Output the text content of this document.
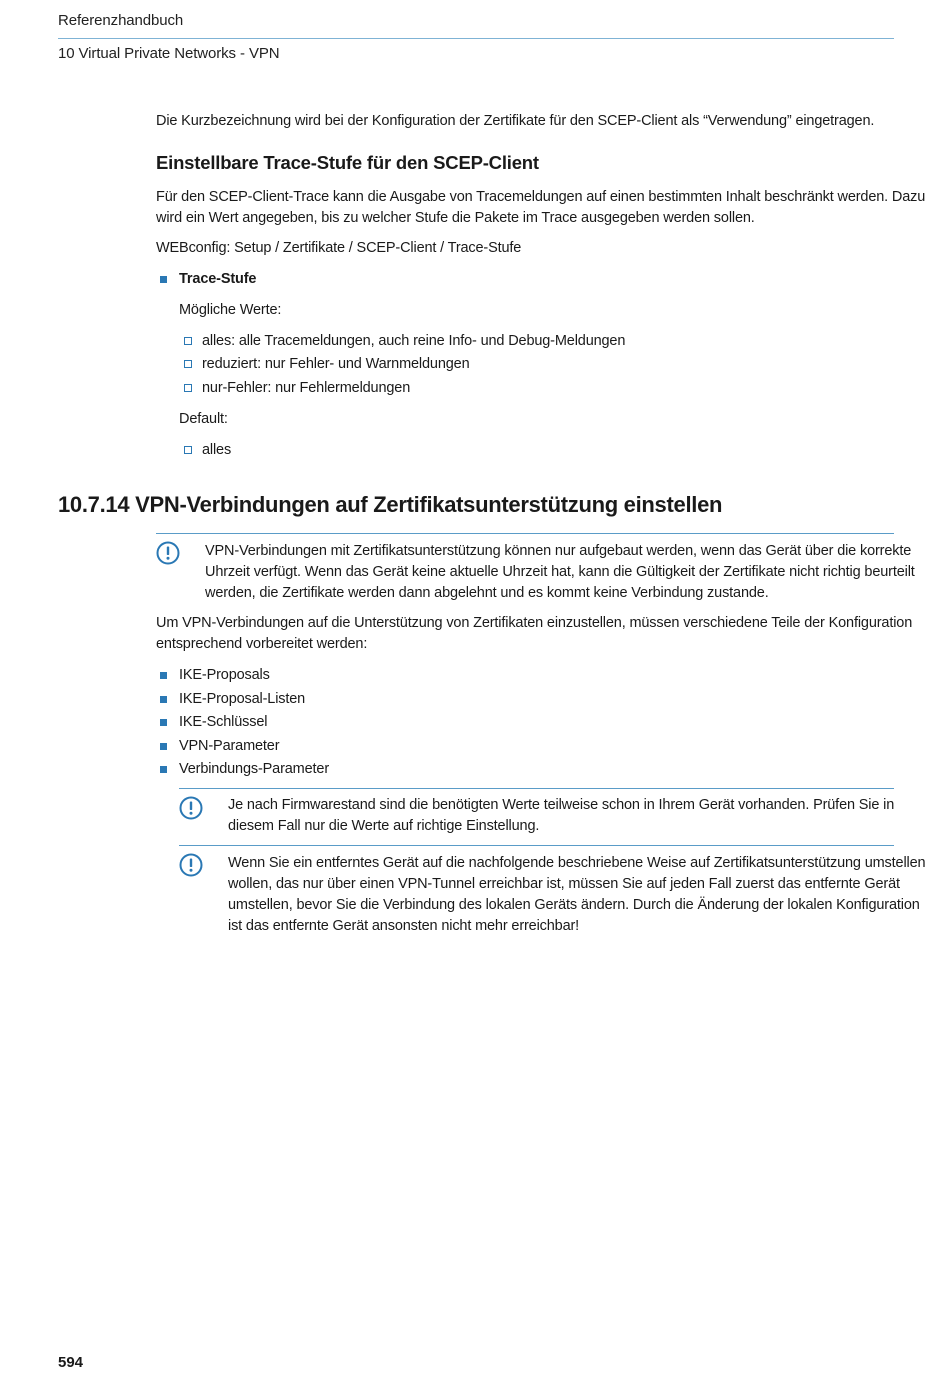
Referenzhandbuch
10 Virtual Private Networks - VPN
Die Kurzbezeichnung wird bei der Konfiguration der Zertifikate für den SCEP-Client als “Verwendung” eingetragen.
Einstellbare Trace-Stufe für den SCEP-Client
Für den SCEP-Client-Trace kann die Ausgabe von Tracemeldungen auf einen bestimmten Inhalt beschränkt werden. Dazu
wird ein Wert angegeben, bis zu welcher Stufe die Pakete im Trace ausgegeben werden sollen.
WEBconfig: Setup / Zertifikate / SCEP-Client / Trace-Stufe
Trace-Stufe
Mögliche Werte:
alles: alle Tracemeldungen, auch reine Info- und Debug-Meldungen
reduziert: nur Fehler- und Warnmeldungen
nur-Fehler: nur Fehlermeldungen
Default:
alles
10.7.14 VPN-Verbindungen auf Zertifikatsunterstützung einstellen
VPN-Verbindungen mit Zertifikatsunterstützung können nur aufgebaut werden, wenn das Gerät über die korrekte
Uhrzeit verfügt. Wenn das Gerät keine aktuelle Uhrzeit hat, kann die Gültigkeit der Zertifikate nicht richtig beurteilt
werden, die Zertifikate werden dann abgelehnt und es kommt keine Verbindung zustande.
Um VPN-Verbindungen auf die Unterstützung von Zertifikaten einzustellen, müssen verschiedene Teile der Konfiguration
entsprechend vorbereitet werden:
IKE-Proposals
IKE-Proposal-Listen
IKE-Schlüssel
VPN-Parameter
Verbindungs-Parameter
Je nach Firmwarestand sind die benötigten Werte teilweise schon in Ihrem Gerät vorhanden. Prüfen Sie in
diesem Fall nur die Werte auf richtige Einstellung.
Wenn Sie ein entferntes Gerät auf die nachfolgende beschriebene Weise auf Zertifikatsunterstützung umstellen
wollen, das nur über einen VPN-Tunnel erreichbar ist, müssen Sie auf jeden Fall zuerst das entfernte Gerät
umstellen, bevor Sie die Verbindung des lokalen Geräts ändern. Durch die Änderung der lokalen Konfiguration
ist das entfernte Gerät ansonsten nicht mehr erreichbar!
594
